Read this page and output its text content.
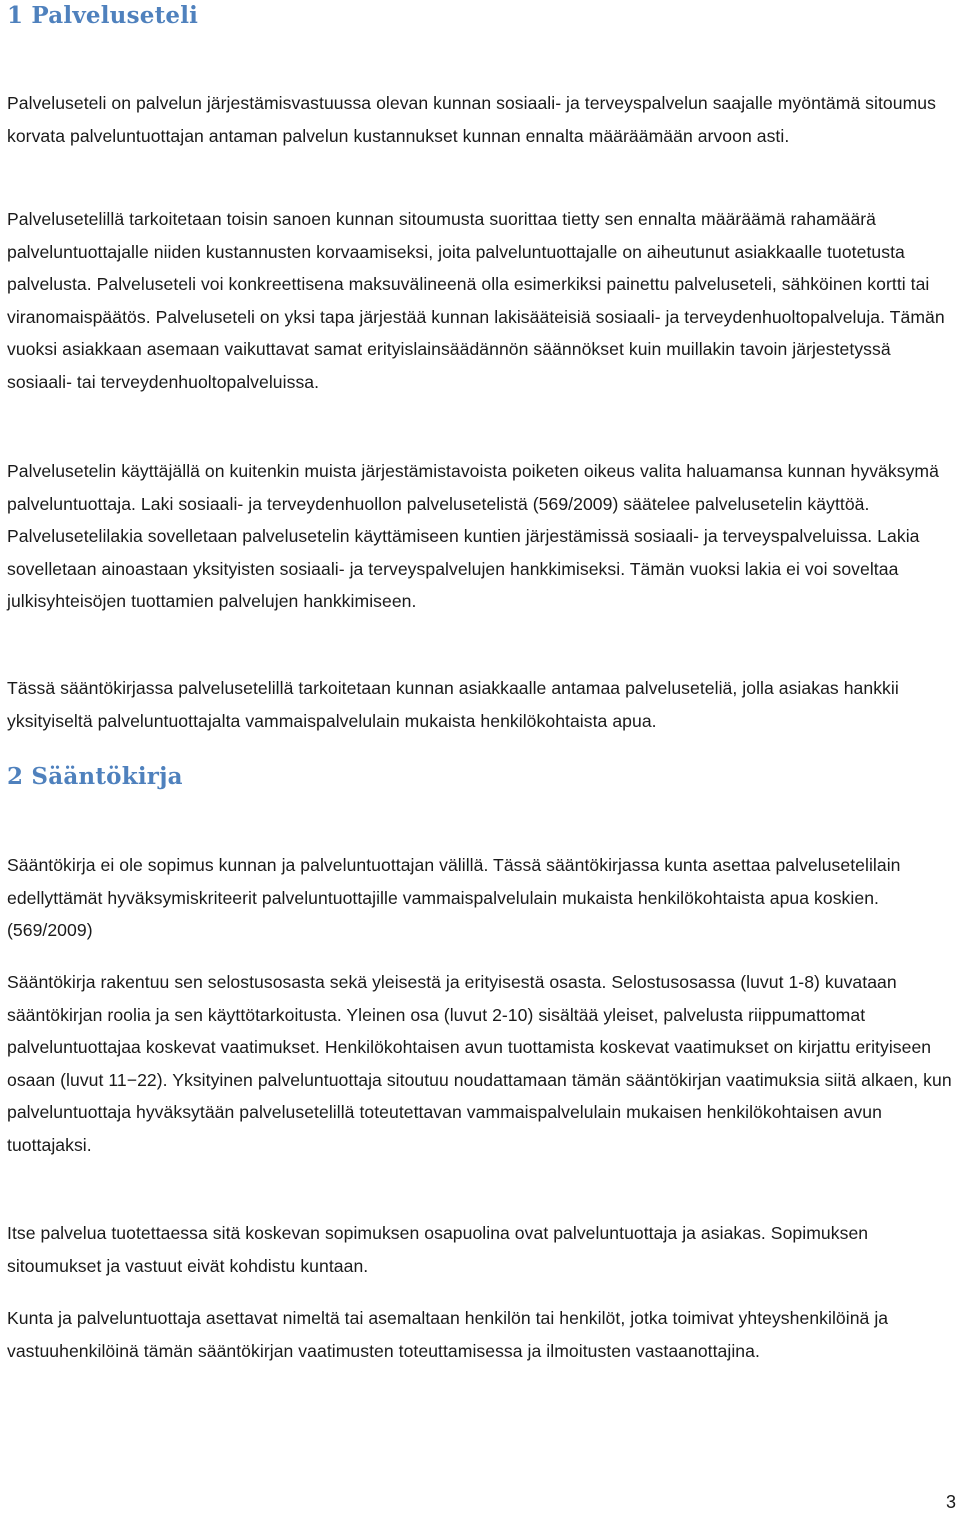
1 Palveluseteli

Palveluseteli on palvelun järjestämisvastuussa olevan kunnan sosiaali- ja terveyspalvelun saajalle myöntämä sitoumus korvata palveluntuottajan antaman palvelun kustannukset kunnan ennalta määräämään arvoon asti.

Palvelusetelillä tarkoitetaan toisin sanoen kunnan sitoumusta suorittaa tietty sen ennalta määräämä rahamäärä palveluntuottajalle niiden kustannusten korvaamiseksi, joita palveluntuottajalle on aiheutunut asiakkaalle tuotetusta palvelusta. Palveluseteli voi konkreettisena maksuvälineenä olla esimerkiksi painettu palveluseteli, sähköinen kortti tai viranomaispäätös. Palveluseteli on yksi tapa järjestää kunnan lakisääteisiä sosiaali- ja terveydenhuoltopalveluja. Tämän vuoksi asiakkaan asemaan vaikuttavat samat erityislainsäädännön säännökset kuin muillakin tavoin järjestetyssä sosiaali- tai terveydenhuoltopalveluissa.

Palvelusetelin käyttäjällä on kuitenkin muista järjestämistavoista poiketen oikeus valita haluamansa kunnan hyväksymä palveluntuottaja. Laki sosiaali- ja terveydenhuollon palvelusetelistä (569/2009) säätelee palvelusetelin käyttöä. Palvelusetelilakia sovelletaan palvelusetelin käyttämiseen kuntien järjestämissä sosiaali- ja terveyspalveluissa. Lakia sovelletaan ainoastaan yksityisten sosiaali- ja terveyspalvelujen hankkimiseksi. Tämän vuoksi lakia ei voi soveltaa julkisyhteisöjen tuottamien palvelujen hankkimiseen.

Tässä sääntökirjassa palvelusetelillä tarkoitetaan kunnan asiakkaalle antamaa palveluseteliä, jolla asiakas hankkii yksityiseltä palveluntuottajalta vammaispalvelulain mukaista henkilökohtaista apua.

2 Sääntökirja

Sääntökirja ei ole sopimus kunnan ja palveluntuottajan välillä. Tässä sääntökirjassa kunta asettaa palvelusetelilain edellyttämät hyväksymiskriteerit palveluntuottajille vammaispalvelulain mukaista henkilökohtaista apua koskien. (569/2009)

Sääntökirja rakentuu sen selostusosasta sekä yleisestä ja erityisestä osasta. Selostusosassa (luvut 1-8) kuvataan sääntökirjan roolia ja sen käyttötarkoitusta. Yleinen osa (luvut 2-10) sisältää yleiset, palvelusta riippumattomat palveluntuottajaa koskevat vaatimukset. Henkilökohtaisen avun tuottamista koskevat vaatimukset on kirjattu erityiseen osaan (luvut 11−22). Yksityinen palveluntuottaja sitoutuu noudattamaan tämän sääntökirjan vaatimuksia siitä alkaen, kun palveluntuottaja hyväksytään palvelusetelillä toteutettavan vammaispalvelulain mukaisen henkilökohtaisen avun tuottajaksi.

Itse palvelua tuotettaessa sitä koskevan sopimuksen osapuolina ovat palveluntuottaja ja asiakas. Sopimuksen sitoumukset ja vastuut eivät kohdistu kuntaan.

Kunta ja palveluntuottaja asettavat nimeltä tai asemaltaan henkilön tai henkilöt, jotka toimivat yhteyshenkilöinä ja vastuuhenkilöinä tämän sääntökirjan vaatimusten toteuttamisessa ja ilmoitusten vastaanottajina.

3
